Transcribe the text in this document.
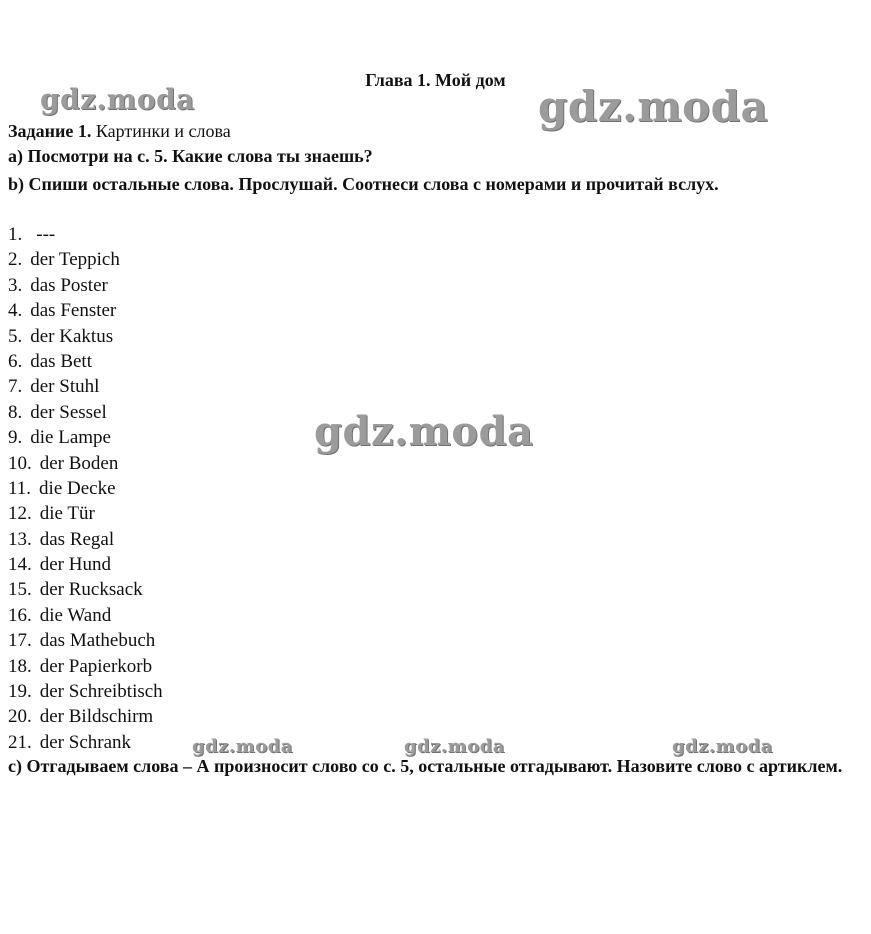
Глава 1. Мой дом
Задание 1. Картинки и слова
а) Посмотри на с. 5. Какие слова ты знаешь?
b) Спиши остальные слова. Прослушай. Соотнеси слова с номерами и прочитай вслух.
1. ---
2. der Teppich
3. das Poster
4. das Fenster
5. der Kaktus
6. das Bett
7. der Stuhl
8. der Sessel
9. die Lampe
10. der Boden
11. die Decke
12. die Tür
13. das Regal
14. der Hund
15. der Rucksack
16. die Wand
17. das Mathebuch
18. der Papierkorb
19. der Schreibtisch
20. der Bildschirm
21. der Schrank
c) Отгадываем слова – А произносит слово со с. 5, остальные отгадывают. Назовите слово с артиклем.
gdz.moda	gdz.moda
gdz.moda
gdz.moda	gdz.moda	gdz.moda
